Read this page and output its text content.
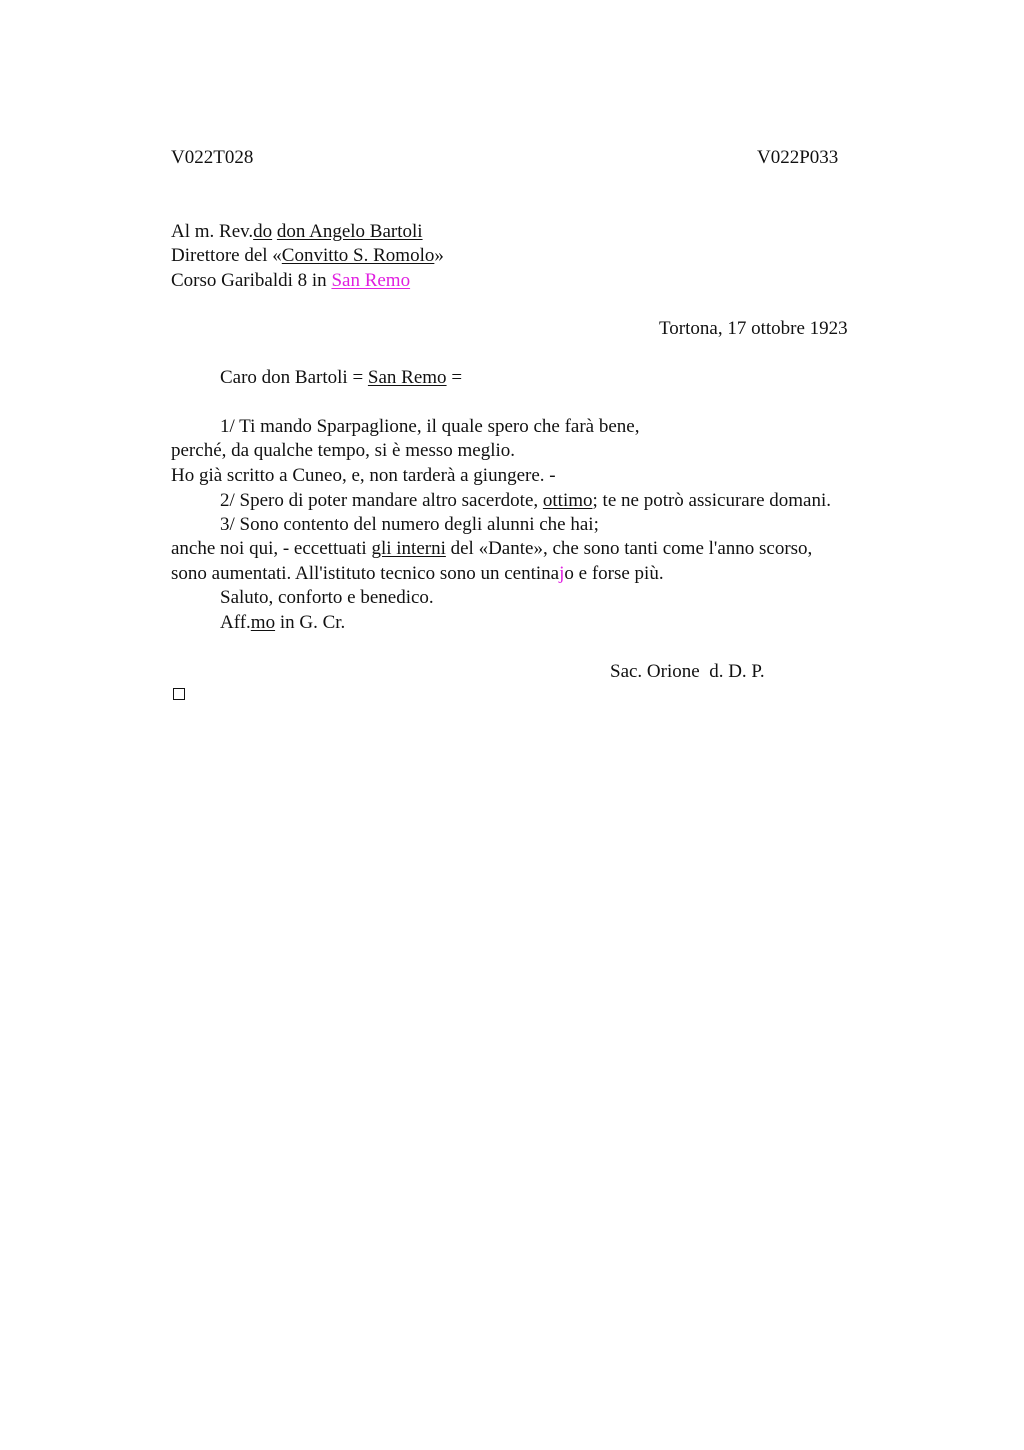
V022T028	V022P033
Al m. Rev.do don Angelo Bartoli
Direttore del «Convitto S. Romolo»
Corso Garibaldi 8 in San Remo
Tortona, 17 ottobre 1923
Caro don Bartoli = San Remo =
1/ Ti mando Sparpaglione, il quale spero che farà bene,
perché, da qualche tempo, si è messo meglio.
Ho già scritto a Cuneo, e, non tarderà a giungere. -
2/ Spero di poter mandare altro sacerdote, ottimo; te ne potrò assicurare domani.
3/ Sono contento del numero degli alunni che hai;
anche noi qui, - eccettuati gli interni del «Dante», che sono tanti come l'anno scorso,
sono aumentati. All'istituto tecnico sono un centinajo e forse più.
Saluto, conforto e benedico.
Aff.mo in G. Cr.
Sac. Orione  d. D. P.
